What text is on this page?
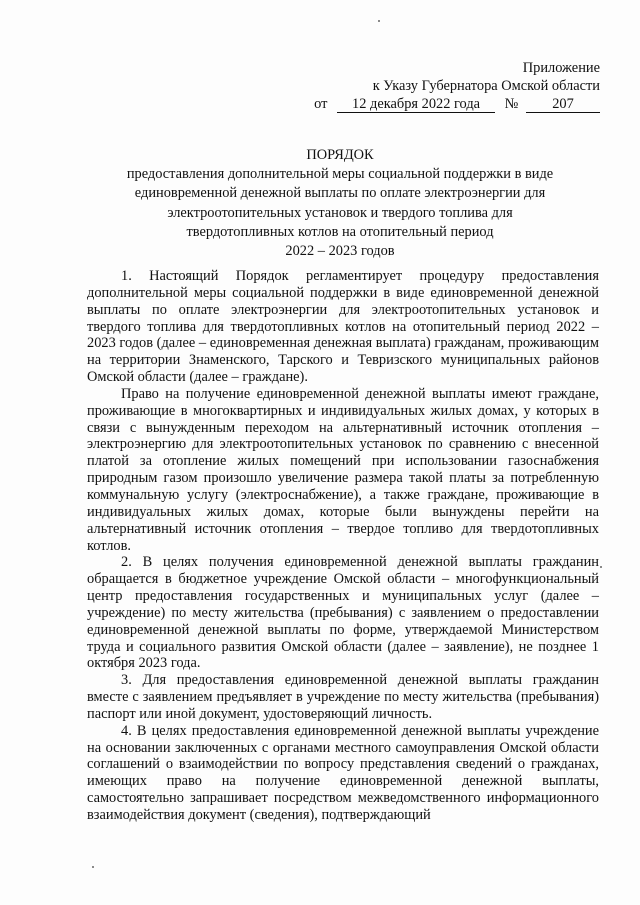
Приложение
к Указу Губернатора Омской области
от 12 декабря 2022 года № 207
ПОРЯДОК
предоставления дополнительной меры социальной поддержки в виде
единовременной денежной выплаты по оплате электроэнергии для
электроотопительных установок и твердого топлива для
твердотопливных котлов на отопительный период
2022 – 2023 годов

1. Настоящий Порядок регламентирует процедуру предоставления дополнительной меры социальной поддержки в виде единовременной денежной выплаты по оплате электроэнергии для электроотопительных установок и твердого топлива для твердотопливных котлов на отопительный период 2022 – 2023 годов (далее – единовременная денежная выплата) гражданам, проживающим на территории Знаменского, Тарского и Тевризского муниципальных районов Омской области (далее – граждане).

Право на получение единовременной денежной выплаты имеют граждане, проживающие в многоквартирных и индивидуальных жилых домах, у которых в связи с вынужденным переходом на альтернативный источник отопления – электроэнергию для электроотопительных установок по сравнению с внесенной платой за отопление жилых помещений при использовании газоснабжения природным газом произошло увеличение размера такой платы за потребленную коммунальную услугу (электроснабжение), а также граждане, проживающие в индивидуальных жилых домах, которые были вынуждены перейти на альтернативный источник отопления – твердое топливо для твердотопливных котлов.

2. В целях получения единовременной денежной выплаты гражданин обращается в бюджетное учреждение Омской области – многофункциональный центр предоставления государственных и муниципальных услуг (далее – учреждение) по месту жительства (пребывания) с заявлением о предоставлении единовременной денежной выплаты по форме, утверждаемой Министерством труда и социального развития Омской области (далее – заявление), не позднее 1 октября 2023 года.

3. Для предоставления единовременной денежной выплаты гражданин вместе с заявлением предъявляет в учреждение по месту жительства (пребывания) паспорт или иной документ, удостоверяющий личность.

4. В целях предоставления единовременной денежной выплаты учреждение на основании заключенных с органами местного самоуправления Омской области соглашений о взаимодействии по вопросу представления сведений о гражданах, имеющих право на получение единовременной денежной выплаты, самостоятельно запрашивает посредством межведомственного информационного взаимодействия документ (сведения), подтверждающий
